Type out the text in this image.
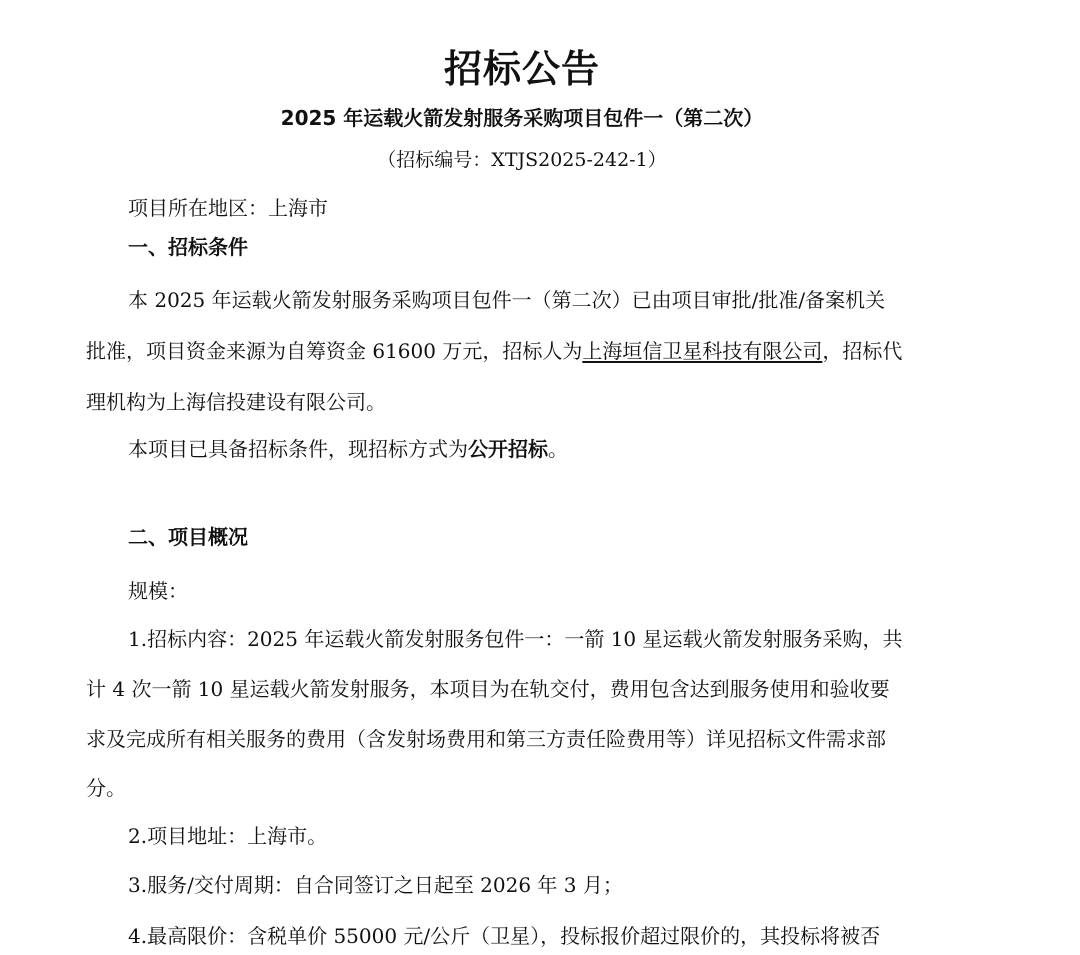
招标公告
2025 年运载火箭发射服务采购项目包件一（第二次）
（招标编号：XTJS2025-242-1）
项目所在地区：上海市
一、招标条件
本 2025 年运载火箭发射服务采购项目包件一（第二次）已由项目审批/批准/备案机关
批准，项目资金来源为自筹资金 61600 万元，招标人为上海垣信卫星科技有限公司，招标代
理机构为上海信投建设有限公司。
本项目已具备招标条件，现招标方式为公开招标。
二、项目概况
规模：
1.招标内容：2025 年运载火箭发射服务包件一：一箭 10 星运载火箭发射服务采购，共
计 4 次一箭 10 星运载火箭发射服务，本项目为在轨交付，费用包含达到服务使用和验收要
求及完成所有相关服务的费用（含发射场费用和第三方责任险费用等）详见招标文件需求部
分。
2.项目地址：上海市。
3.服务/交付周期：自合同签订之日起至 2026 年 3 月；
4.最高限价：含税单价 55000 元/公斤（卫星），投标报价超过限价的，其投标将被否
